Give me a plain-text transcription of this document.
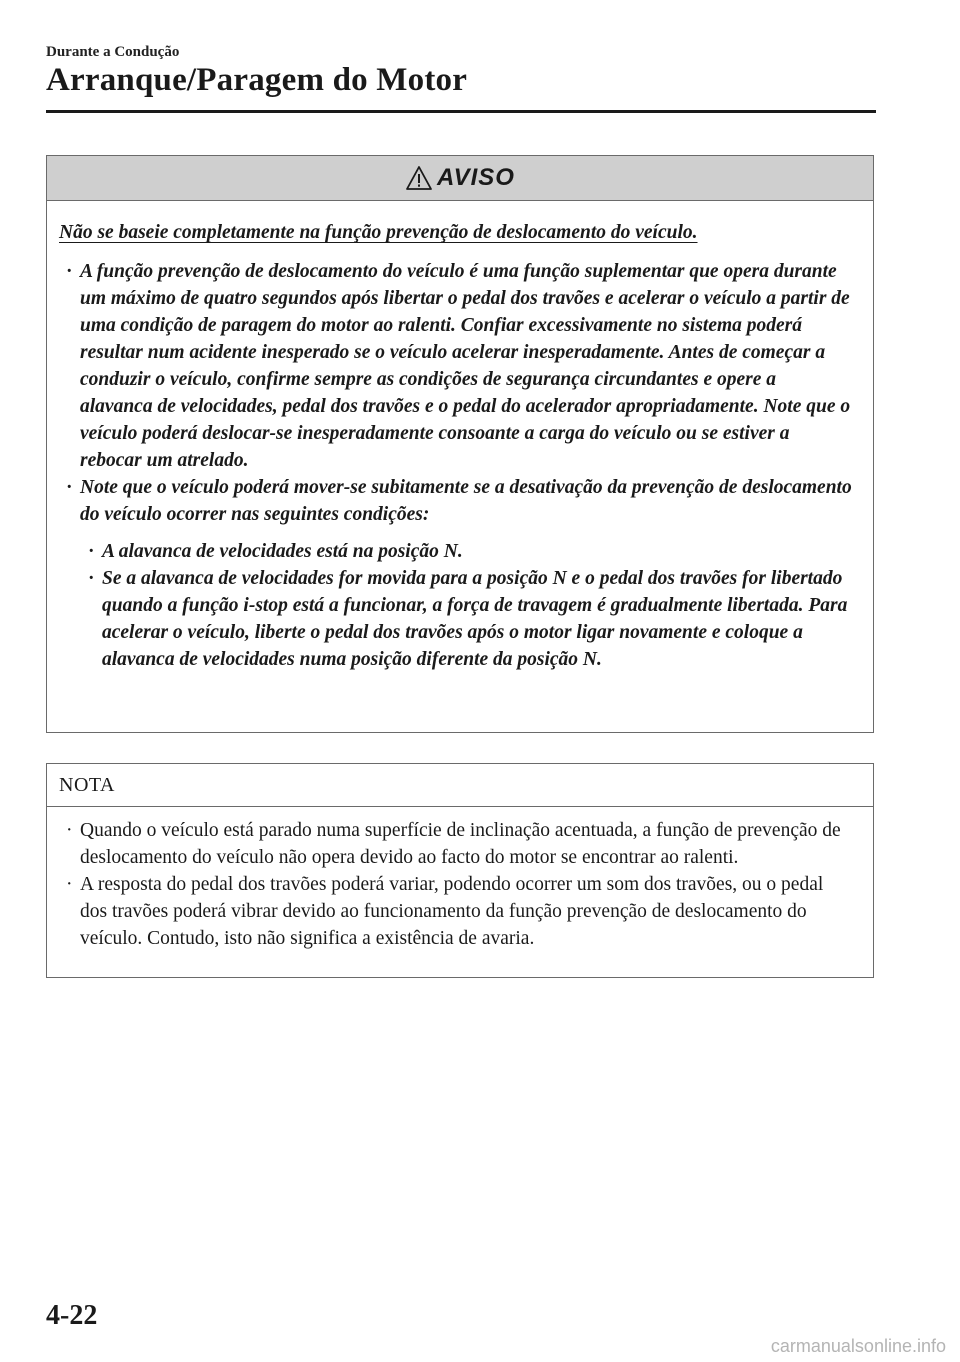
Durante a Condução
Arranque/Paragem do Motor
AVISO
Não se baseie completamente na função prevenção de deslocamento do veículo.
· A função prevenção de deslocamento do veículo é uma função suplementar que opera durante um máximo de quatro segundos após libertar o pedal dos travões e acelerar o veículo a partir de uma condição de paragem do motor ao ralenti. Confiar excessivamente no sistema poderá resultar num acidente inesperado se o veículo acelerar inesperadamente. Antes de começar a conduzir o veículo, confirme sempre as condições de segurança circundantes e opere a alavanca de velocidades, pedal dos travões e o pedal do acelerador apropriadamente. Note que o veículo poderá deslocar-se inesperadamente consoante a carga do veículo ou se estiver a rebocar um atrelado.
· Note que o veículo poderá mover-se subitamente se a desativação da prevenção de deslocamento do veículo ocorrer nas seguintes condições:
· A alavanca de velocidades está na posição N.
· Se a alavanca de velocidades for movida para a posição N e o pedal dos travões for libertado quando a função i-stop está a funcionar, a força de travagem é gradualmente libertada. Para acelerar o veículo, liberte o pedal dos travões após o motor ligar novamente e coloque a alavanca de velocidades numa posição diferente da posição N.
NOTA
· Quando o veículo está parado numa superfície de inclinação acentuada, a função de prevenção de deslocamento do veículo não opera devido ao facto do motor se encontrar ao ralenti.
· A resposta do pedal dos travões poderá variar, podendo ocorrer um som dos travões, ou o pedal dos travões poderá vibrar devido ao funcionamento da função prevenção de deslocamento do veículo. Contudo, isto não significa a existência de avaria.
4-22
carmanualsonline.info
